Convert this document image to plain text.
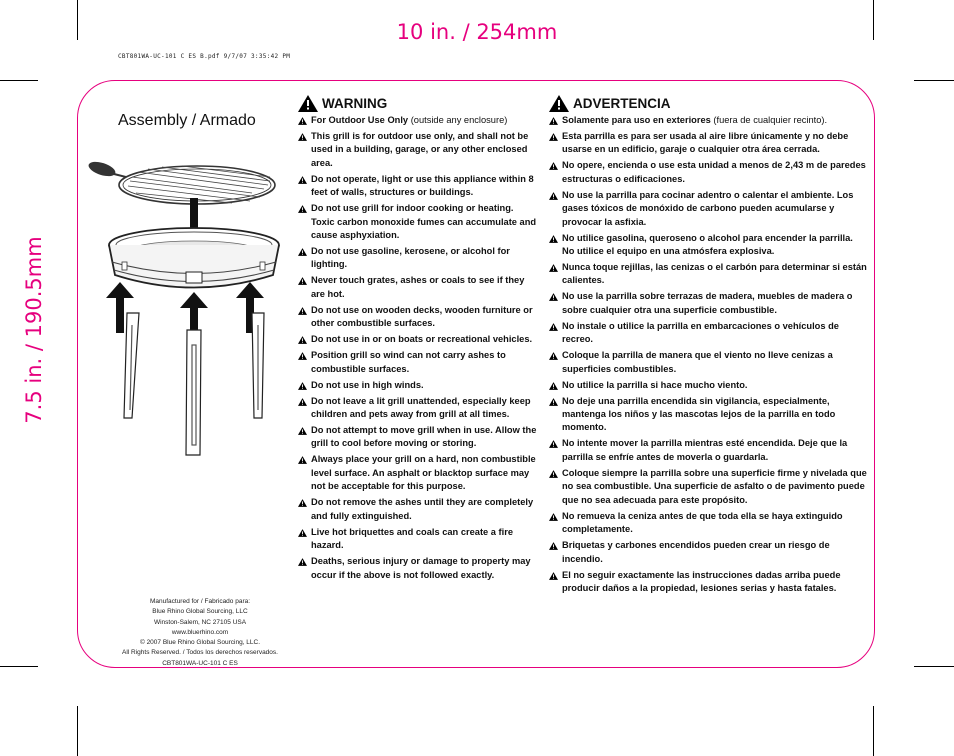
10 in. / 254mm
7.5 in. / 190.5mm
CBT801WA-UC-101 C ES B.pdf 9/7/07 3:35:42 PM
Assembly / Armado
Manufactured for / Fabricado para:
Blue Rhino Global Sourcing, LLC
Winston-Salem, NC 27105 USA
www.bluerhino.com
© 2007 Blue Rhino Global Sourcing, LLC.
All Rights Reserved. / Todos los derechos reservados.
CBT801WA-UC-101 C ES
WARNING
For Outdoor Use Only (outside any enclosure)
This grill is for outdoor use only, and shall not be used in a building, garage, or any other enclosed area.
Do not operate, light or use this appliance within 8 feet of walls, structures or buildings.
Do not use grill for indoor cooking or heating. Toxic carbon monoxide fumes can accumulate and cause asphyxiation.
Do not use gasoline, kerosene, or alcohol for lighting.
Never touch grates, ashes or coals to see if they are hot.
Do not use on wooden decks, wooden furniture or other combustible surfaces.
Do not use in or on boats or recreational vehicles.
Position grill so wind can not carry ashes to combustible surfaces.
Do not use in high winds.
Do not leave a lit grill unattended, especially keep children and pets away from grill at all times.
Do not attempt to move grill when in use. Allow the grill to cool before moving or storing.
Always place your grill on a hard, non combustible level surface. An asphalt or blacktop surface may not be acceptable for this purpose.
Do not remove the ashes until they are completely and fully extinguished.
Live hot briquettes and coals can create a fire hazard.
Deaths, serious injury or damage to property may occur if the above is not followed exactly.
ADVERTENCIA
Solamente para uso en exteriores (fuera de cualquier recinto).
Esta parrilla es para ser usada al aire libre únicamente y no debe usarse en un edificio, garaje o cualquier otra área cerrada.
No opere, encienda o use esta unidad a menos de 2,43 m de paredes estructuras o edificaciones.
No use la parrilla para cocinar adentro o calentar el ambiente. Los gases tóxicos de monóxido de carbono pueden acumularse y provocar la asfixia.
No utilice gasolina, queroseno o alcohol para encender la parrilla. No utilice el equipo en una atmósfera explosiva.
Nunca toque rejillas, las cenizas o el carbón para determinar si están calientes.
No use la parrilla sobre terrazas de madera, muebles de madera o sobre cualquier otra una superficie combustible.
No instale o utilice la parrilla en embarcaciones o vehículos de recreo.
Coloque la parrilla de manera que el viento no lleve cenizas a superficies combustibles.
No utilice la parrilla si hace mucho viento.
No deje una parrilla encendida sin vigilancia, especialmente, mantenga los niños y las mascotas lejos de la parrilla en todo momento.
No intente mover la parrilla mientras esté encendida. Deje que la parrilla se enfríe antes de moverla o guardarla.
Coloque siempre la parrilla sobre una superficie firme y nivelada que no sea combustible. Una superficie de asfalto o de pavimento puede que no sea adecuada para este propósito.
No remueva la ceniza antes de que toda ella se haya extinguido completamente.
Briquetas y carbones encendidos pueden crear un riesgo de incendio.
El no seguir exactamente las instrucciones dadas arriba puede producir daños a la propiedad, lesiones serias y hasta fatales.
